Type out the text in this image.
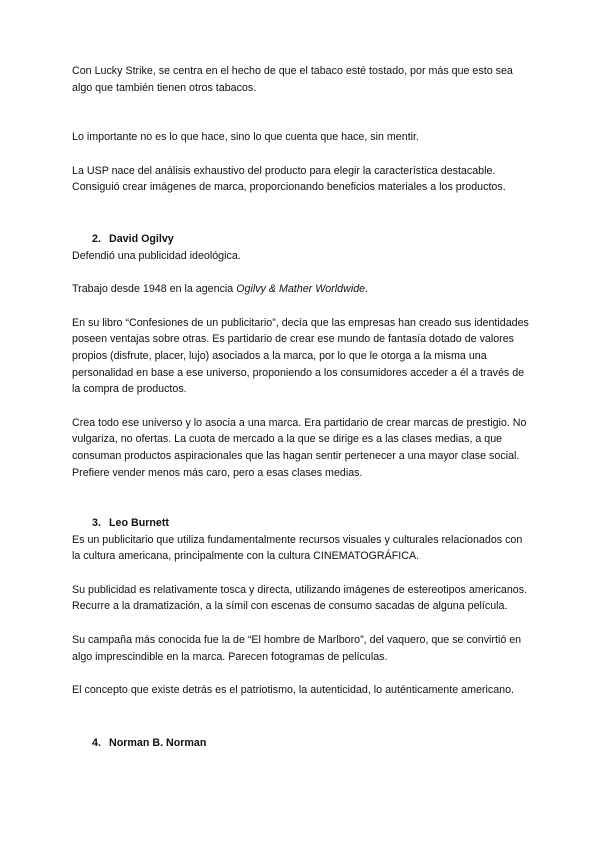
Con Lucky Strike, se centra en el hecho de que el tabaco esté tostado, por más que esto sea algo que también tienen otros tabacos.

Lo importante no es lo que hace, sino lo que cuenta que hace, sin mentir.

La USP nace del análisis exhaustivo del producto para elegir la característica destacable. Consiguió crear imágenes de marca, proporcionando beneficios materiales a los productos.

2. David Ogilvy

Defendió una publicidad ideológica.

Trabajo desde 1948 en la agencia Ogilvy & Mather Worldwide.

En su libro “Confesiones de un publicitario”, decía que las empresas han creado sus identidades poseen ventajas sobre otras. Es partidario de crear ese mundo de fantasía dotado de valores propios (disfrute, placer, lujo) asociados a la marca, por lo que le otorga a la misma una personalidad en base a ese universo, proponiendo a los consumidores acceder a él a través de la compra de productos.

Crea todo ese universo y lo asocia a una marca. Era partidario de crear marcas de prestigio. No vulgariza, no ofertas. La cuota de mercado a la que se dirige es a las clases medias, a que consuman productos aspiracionales que las hagan sentir pertenecer a una mayor clase social. Prefiere vender menos más caro, pero a esas clases medias.

3. Leo Burnett

Es un publicitario que utiliza fundamentalmente recursos visuales y culturales relacionados con la cultura americana, principalmente con la cultura CINEMATOGRÁFICA.

Su publicidad es relativamente tosca y directa, utilizando imágenes de estereotipos americanos. Recurre a la dramatización, a la símil con escenas de consumo sacadas de alguna película.

Su campaña más conocida fue la de “El hombre de Marlboro”, del vaquero, que se convirtió en algo imprescindible en la marca. Parecen fotogramas de películas.

El concepto que existe detrás es el patriotismo, la autenticidad, lo auténticamente americano.

4. Norman B. Norman
